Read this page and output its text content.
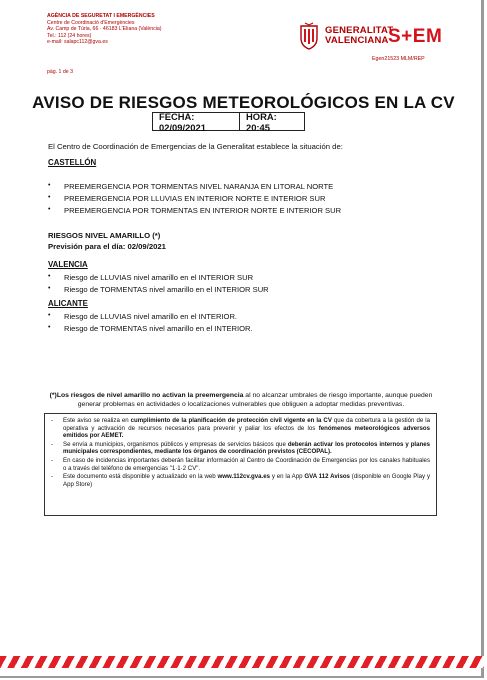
AGÈNCIA DE SEGURETAT I EMERGÈNCIES
Centre de Coordinació d'Emergències
Av. Camp de Túria, 66 · 46183 L'Eliana (València)
Tel.: 112 (24 hores)
e-mail: salapc112@gva.es
pàg. 1 de 3
GENERALITAT
VALENCIANA S+EM
Egen21523 MLM/REP
AVISO DE RIESGOS METEOROLÓGICOS EN LA CV
FECHA: 02/09/2021
HORA: 20:45
El Centro de Coordinación de Emergencias de la Generalitat establece la situación de:
CASTELLÓN
•	PREEMERGENCIA POR TORMENTAS NIVEL NARANJA EN LITORAL NORTE
•	PREEMERGENCIA POR LLUVIAS EN INTERIOR NORTE E INTERIOR SUR
•	PREEMERGENCIA POR TORMENTAS EN INTERIOR NORTE E INTERIOR SUR
RIESGOS NIVEL AMARILLO (*)
Previsión para el día: 02/09/2021
VALENCIA
•	Riesgo de LLUVIAS nivel amarillo en el INTERIOR SUR
•	Riesgo de TORMENTAS nivel amarillo en el INTERIOR SUR
ALICANTE
•	Riesgo de LLUVIAS nivel amarillo en el INTERIOR.
•	Riesgo de TORMENTAS nivel amarillo en el INTERIOR.
(*)Los riesgos de nivel amarillo no activan la preemergencia al no alcanzar umbrales de riesgo importante, aunque pueden generar problemas en actividades o localizaciones vulnerables que obliguen a adoptar medidas preventivas.
-	Este aviso se realiza en cumplimiento de la planificación de protección civil vigente en la CV que da cobertura a la gestión de la operativa y activación de recursos necesarios para prevenir y paliar los efectos de los fenómenos meteorológicos adversos emitidos por AEMET.
-	Se envía a municipios, organismos públicos y empresas de servicios básicos que deberán activar los protocolos internos y planes municipales correspondientes, mediante los órganos de coordinación previstos (CECOPAL).
-	En caso de incidencias importantes deberán facilitar información al Centro de Coordinación de Emergencias por los canales habituales o a través del teléfono de emergencias "1·1·2 CV".
-	Este documento está disponible y actualizado en la web www.112cv.gva.es y en la App GVA 112 Avisos (disponible en Google Play y App Store)
